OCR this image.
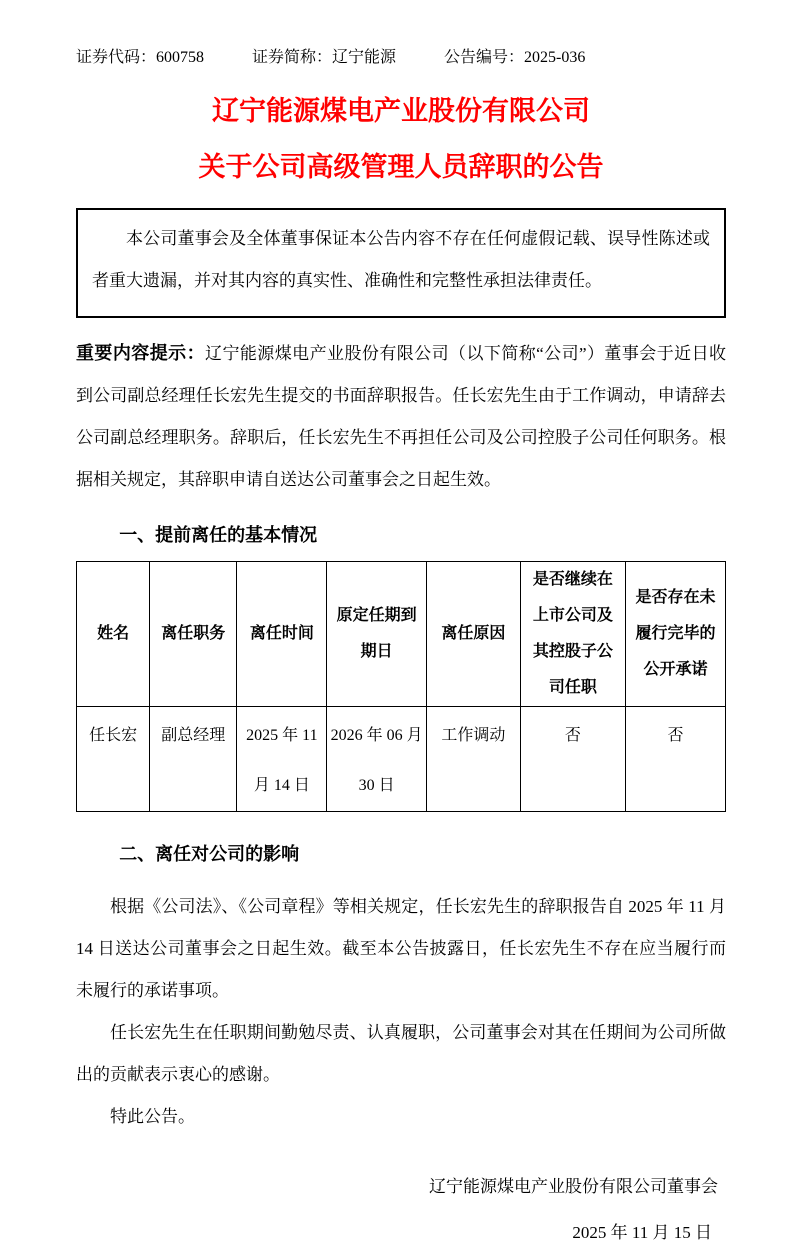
证券代码：600758	证券简称：辽宁能源	公告编号：2025-036
辽宁能源煤电产业股份有限公司
关于公司高级管理人员辞职的公告

本公司董事会及全体董事保证本公告内容不存在任何虚假记载、误导性陈述或者重大遗漏，并对其内容的真实性、准确性和完整性承担法律责任。

重要内容提示：辽宁能源煤电产业股份有限公司（以下简称“公司”）董事会于近日收到公司副总经理任长宏先生提交的书面辞职报告。任长宏先生由于工作调动，申请辞去公司副总经理职务。辞职后，任长宏先生不再担任公司及公司控股子公司任何职务。根据相关规定，其辞职申请自送达公司董事会之日起生效。

一、提前离任的基本情况
姓名	离任职务	离任时间	原定任期到期日	离任原因	是否继续在上市公司及其控股子公司任职	是否存在未履行完毕的公开承诺
任长宏	副总经理	2025 年 11 月 14 日	2026 年 06 月 30 日	工作调动	否	否
二、离任对公司的影响

根据《公司法》、《公司章程》等相关规定，任长宏先生的辞职报告自 2025 年 11 月 14 日送达公司董事会之日起生效。截至本公告披露日，任长宏先生不存在应当履行而未履行的承诺事项。

任长宏先生在任职期间勤勉尽责、认真履职，公司董事会对其在任期间为公司所做出的贡献表示衷心的感谢。

特此公告。

辽宁能源煤电产业股份有限公司董事会

2025 年 11 月 15 日
